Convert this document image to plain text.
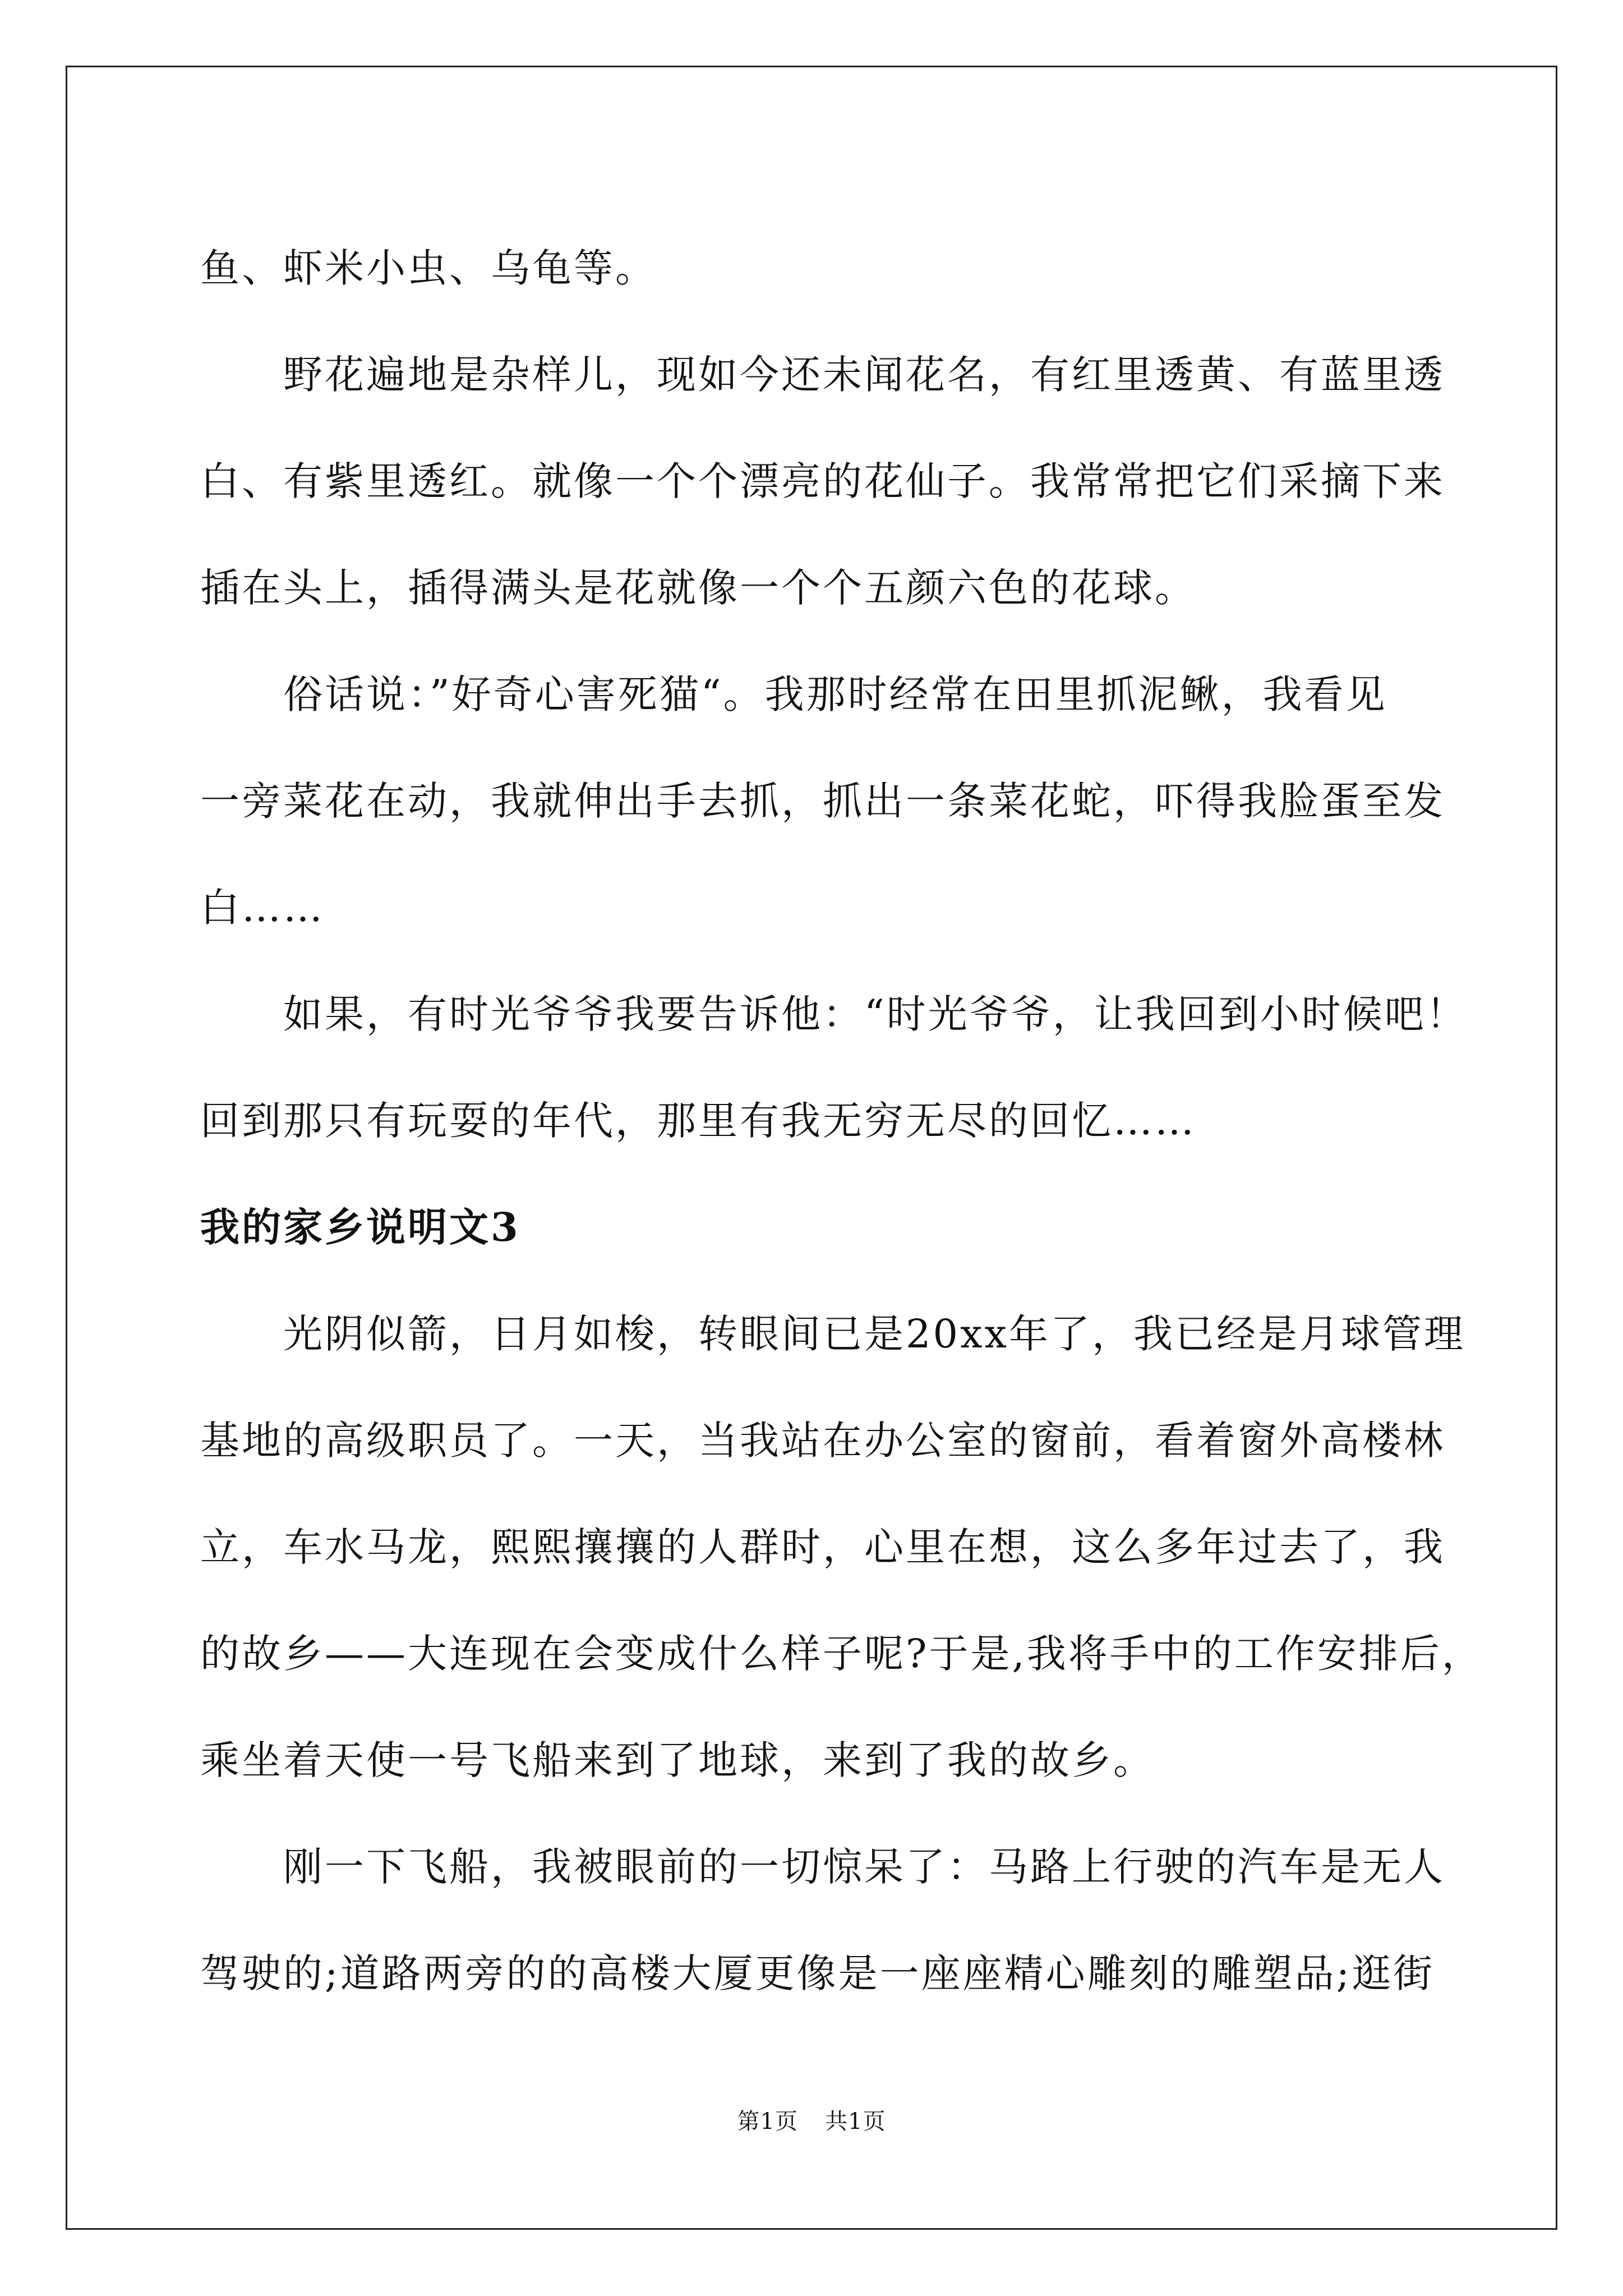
鱼、虾米小虫、乌龟等。

野花遍地是杂样儿，现如今还未闻花名，有红里透黄、有蓝里透

白、有紫里透红。就像一个个漂亮的花仙子。我常常把它们采摘下来

插在头上，插得满头是花就像一个个五颜六色的花球。

俗话说：”好奇心害死猫“。我那时经常在田里抓泥鳅，我看见

一旁菜花在动，我就伸出手去抓，抓出一条菜花蛇，吓得我脸蛋至发

白……

如果，有时光爷爷我要告诉他：“时光爷爷，让我回到小时候吧！

回到那只有玩耍的年代，那里有我无穷无尽的回忆……

我的家乡说明文3

光阴似箭，日月如梭，转眼间已是20xx年了，我已经是月球管理

基地的高级职员了。一天，当我站在办公室的窗前，看着窗外高楼林

立，车水马龙，熙熙攘攘的人群时，心里在想，这么多年过去了，我

的故乡——大连现在会变成什么样子呢?于是,我将手中的工作安排后，

乘坐着天使一号飞船来到了地球，来到了我的故乡。

刚一下飞船，我被眼前的一切惊呆了：马路上行驶的汽车是无人

驾驶的;道路两旁的的高楼大厦更像是一座座精心雕刻的雕塑品;逛街

第1页 共1页
